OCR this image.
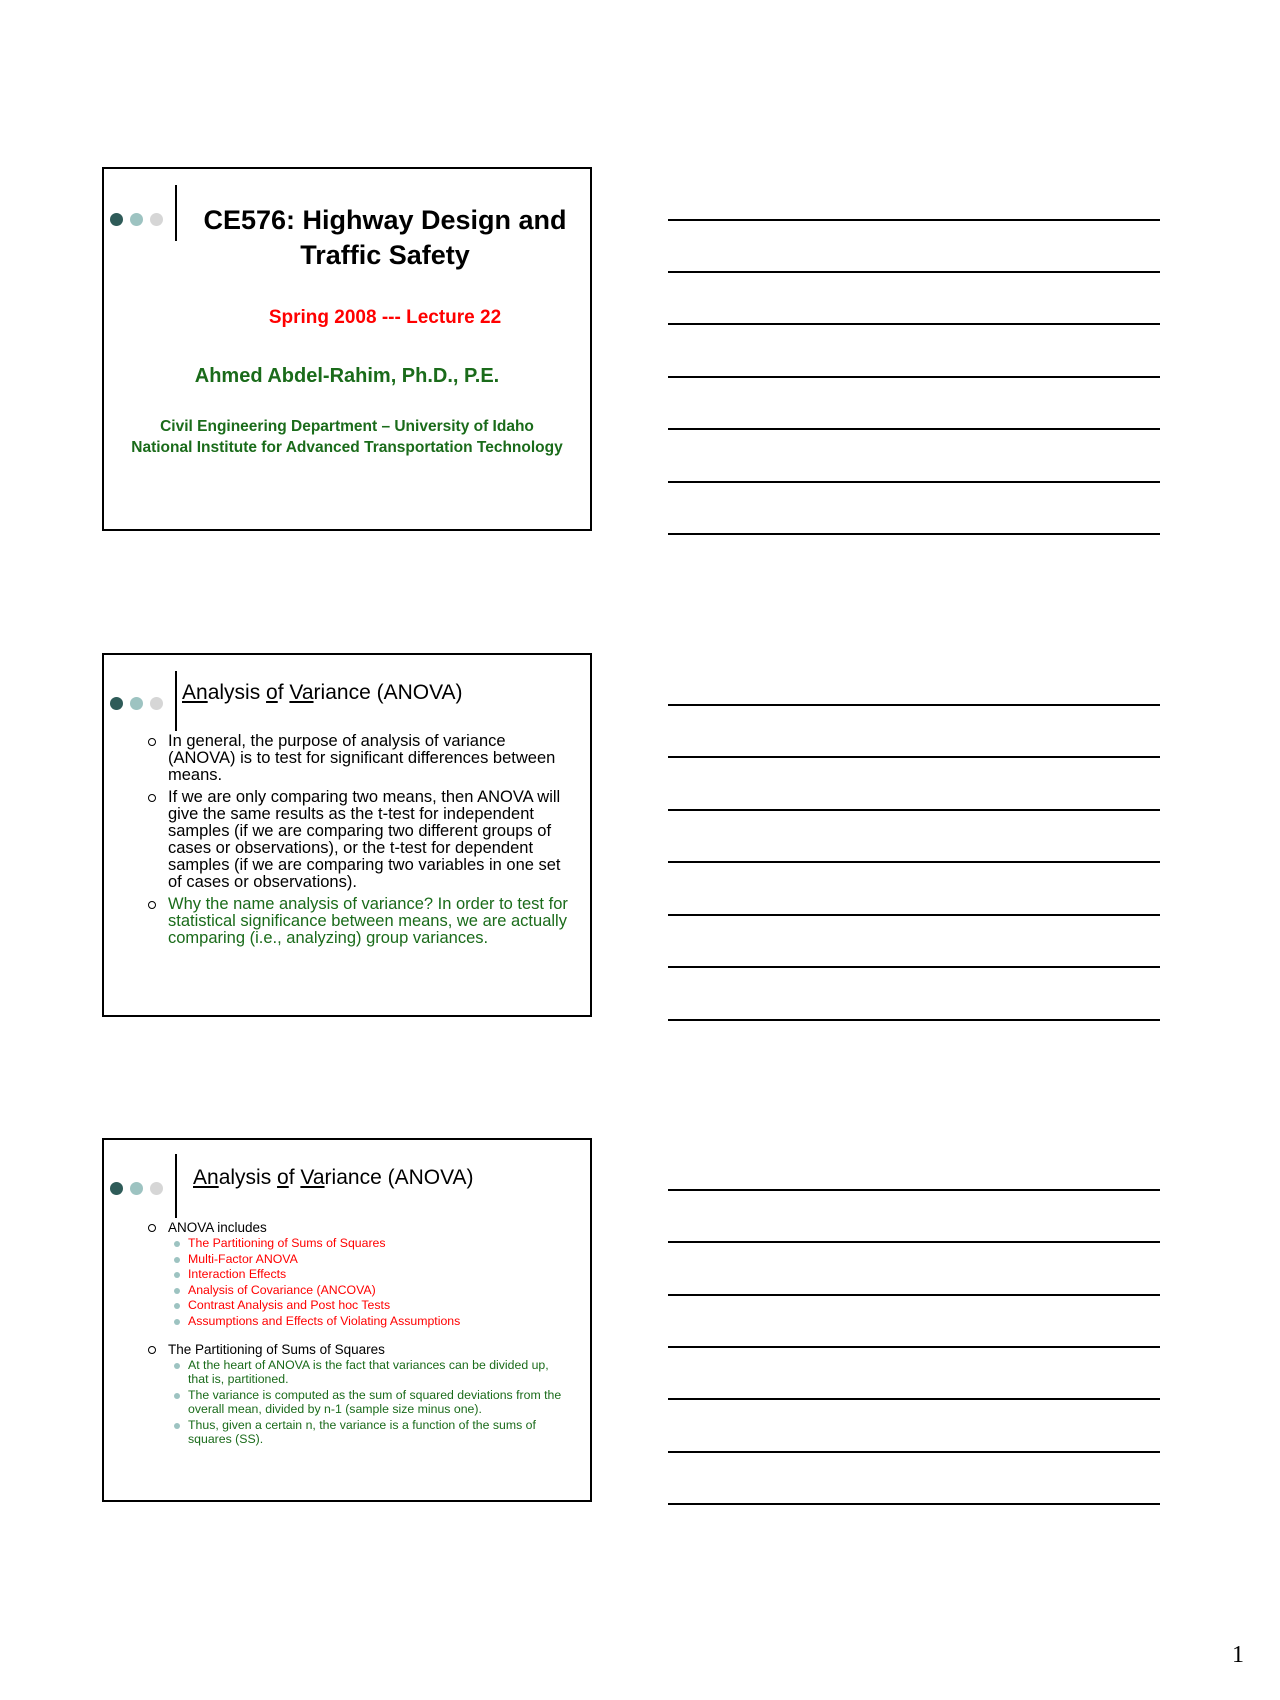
CE576: Highway Design and Traffic Safety
Spring 2008 --- Lecture 22
Ahmed Abdel-Rahim, Ph.D., P.E.
Civil Engineering Department – University of Idaho
National Institute for Advanced Transportation Technology
Analysis of Variance (ANOVA)
In general, the purpose of analysis of variance (ANOVA) is to test for significant differences between means.
If we are only comparing two means, then ANOVA will give the same results as the t-test for independent samples (if we are comparing two different groups of cases or observations), or the t-test for dependent samples (if we are comparing two variables in one set of cases or observations).
Why the name analysis of variance? In order to test for statistical significance between means, we are actually comparing (i.e., analyzing) group variances.
Analysis of Variance (ANOVA)
ANOVA includes
The Partitioning of Sums of Squares
Multi-Factor ANOVA
Interaction Effects
Analysis of Covariance (ANCOVA)
Contrast Analysis and Post hoc Tests
Assumptions and Effects of Violating Assumptions
The Partitioning of Sums of Squares
At the heart of ANOVA is the fact that variances can be divided up, that is, partitioned.
The variance is computed as the sum of squared deviations from the overall mean, divided by n-1 (sample size minus one).
Thus, given a certain n, the variance is a function of the sums of squares (SS).
1
